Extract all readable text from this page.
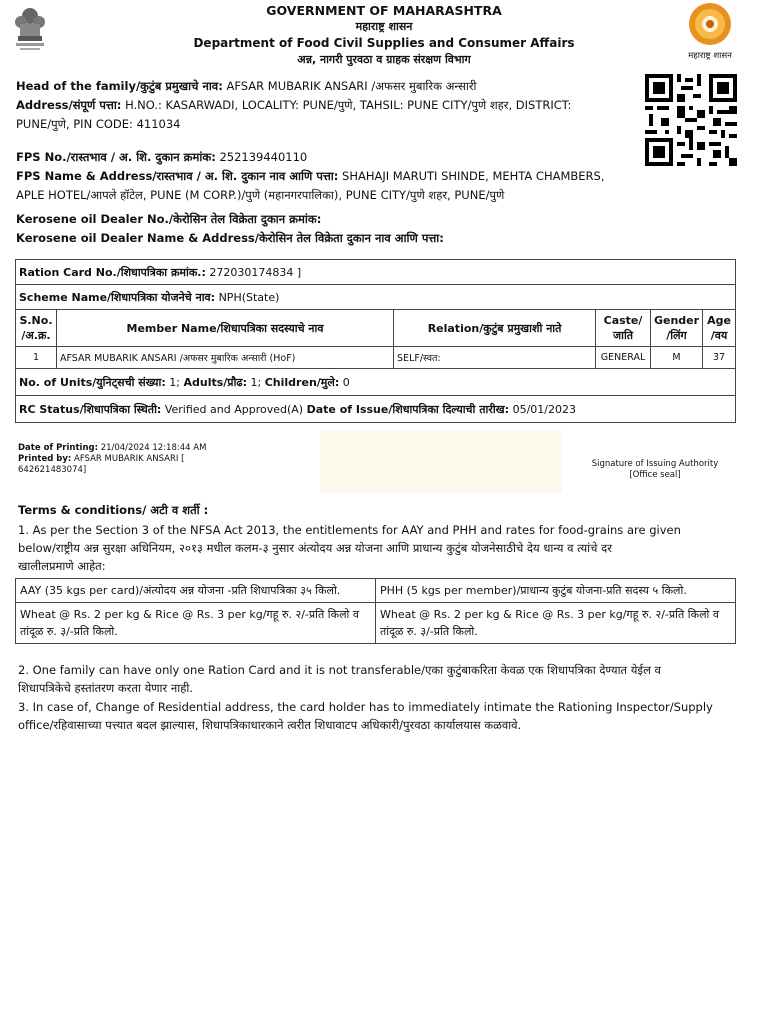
GOVERNMENT OF MAHARASHTRA
महाराष्ट्र शासन
Department of Food Civil Supplies and Consumer Affairs
अन्न, नागरी पुरवठा व ग्राहक संरक्षण विभाग	महाराष्ट्र शासन
Head of the family/कुटुंब प्रमुखाचे नाव: AFSAR MUBARIK ANSARI /अफसर मुबारिक अन्सारी
Address/संपूर्ण पत्ता: H.NO.: KASARWADI, LOCALITY: PUNE/पुणे, TAHSIL: PUNE CITY/पुणे शहर, DISTRICT:
PUNE/पुणे, PIN CODE: 411034
FPS No./रास्तभाव / अ. शि. दुकान क्रमांक: 252139440110
FPS Name & Address/रास्तभाव / अ. शि. दुकान नाव आणि पत्ता: SHAHAJI MARUTI SHINDE, MEHTA CHAMBERS,
APLE HOTEL/आपले हॉटेल, PUNE (M CORP.)/पुणे (महानगरपालिका), PUNE CITY/पुणे शहर, PUNE/पुणे
Kerosene oil Dealer No./केरोसिन तेल विक्रेता दुकान क्रमांक:
Kerosene oil Dealer Name & Address/केरोसिन तेल विक्रेता दुकान नाव आणि पत्ता:
Ration Card No./शिधापत्रिका क्रमांक.: 272030174834 ]					
Scheme Name/शिधापत्रिका योजनेचे नाव: NPH(State)					
S.No. /अ.क्र.	Member Name/शिधापत्रिका सदस्याचे नाव	Relation/कुटुंब प्रमुखाशी नाते	Caste/ जाति	Gender /लिंग	Age /वय
1	AFSAR MUBARIK ANSARI /अफसर मुबारिक अन्सारी (HoF)	SELF/स्वत:	GENERAL	M	37
No. of Units/युनिट्सची संख्या: 1; Adults/प्रौढ: 1; Children/मुले: 0					
RC Status/शिधापत्रिका स्थिती: Verified and Approved(A) Date of Issue/शिधापत्रिका दिल्याची तारीख: 05/01/2023					
Date of Printing: 21/04/2024 12:18:44 AM
Printed by: AFSAR MUBARIK ANSARI [
642621483074]
Signature of Issuing Authority
[Office seal]
Terms & conditions/ अटी व शर्ती :
1. As per the Section 3 of the NFSA Act 2013, the entitlements for AAY and PHH and rates for food-grains are given
below/राष्ट्रीय अन्न सुरक्षा अधिनियम, २०१३ मधील कलम-३ नुसार अंत्योदय अन्न योजना आणि प्राधान्य कुटुंब योजनेसाठीचे देय धान्य व त्यांचे दर
खालीलप्रमाणे आहेत:
AAY (35 kgs per card)/अंत्योदय अन्न योजना -प्रति शिधापत्रिका ३५ किलो.	PHH (5 kgs per member)/प्राधान्य कुटुंब योजना-प्रति सदस्य ५ किलो.
Wheat @ Rs. 2 per kg & Rice @ Rs. 3 per kg/गहू रु. २/-प्रति किलो व तांदूळ रु. ३/-प्रति किलो.	Wheat @ Rs. 2 per kg & Rice @ Rs. 3 per kg/गहू रु. २/-प्रति किलो व तांदूळ रु. ३/-प्रति किलो.
2. One family can have only one Ration Card and it is not transferable/एका कुटुंबाकरिता केवळ एक शिधापत्रिका देण्यात येईल व
शिधापत्रिकेचे हस्तांतरण करता येणार नाही.
3. In case of, Change of Residential address, the card holder has to immediately intimate the Rationing Inspector/Supply
office/रहिवासाच्या पत्त्यात बदल झाल्यास, शिधापत्रिकाधारकाने त्वरीत शिधावाटप अधिकारी/पुरवठा कार्यालयास कळवावे.
